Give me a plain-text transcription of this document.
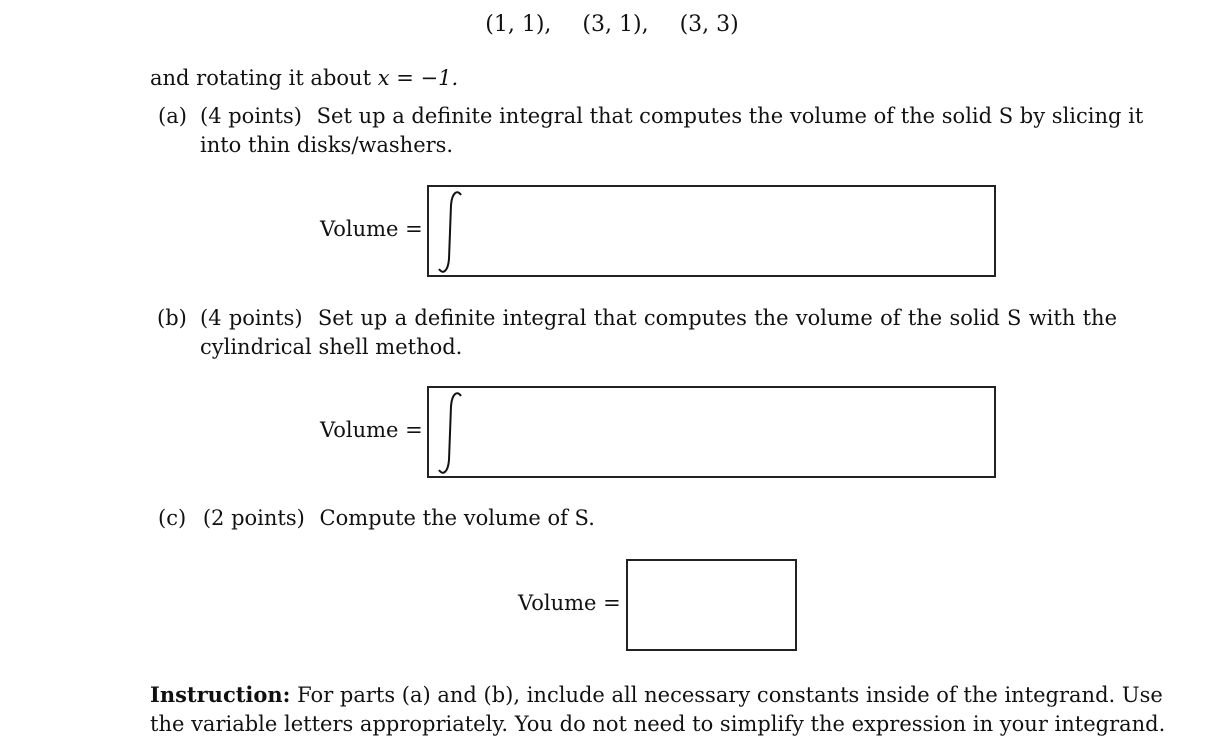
(1, 1), (3, 1), (3, 3)
and rotating it about x = −1.
(a) (4 points) Set up a definite integral that computes the volume of the solid S by slicing it
into thin disks/washers.
Volume =
(b) (4 points) Set up a definite integral that computes the volume of the solid S with the
cylindrical shell method.
Volume =
(c) (2 points) Compute the volume of S.
Volume =
Instruction: For parts (a) and (b), include all necessary constants inside of the integrand. Use
the variable letters appropriately. You do not need to simplify the expression in your integrand.
